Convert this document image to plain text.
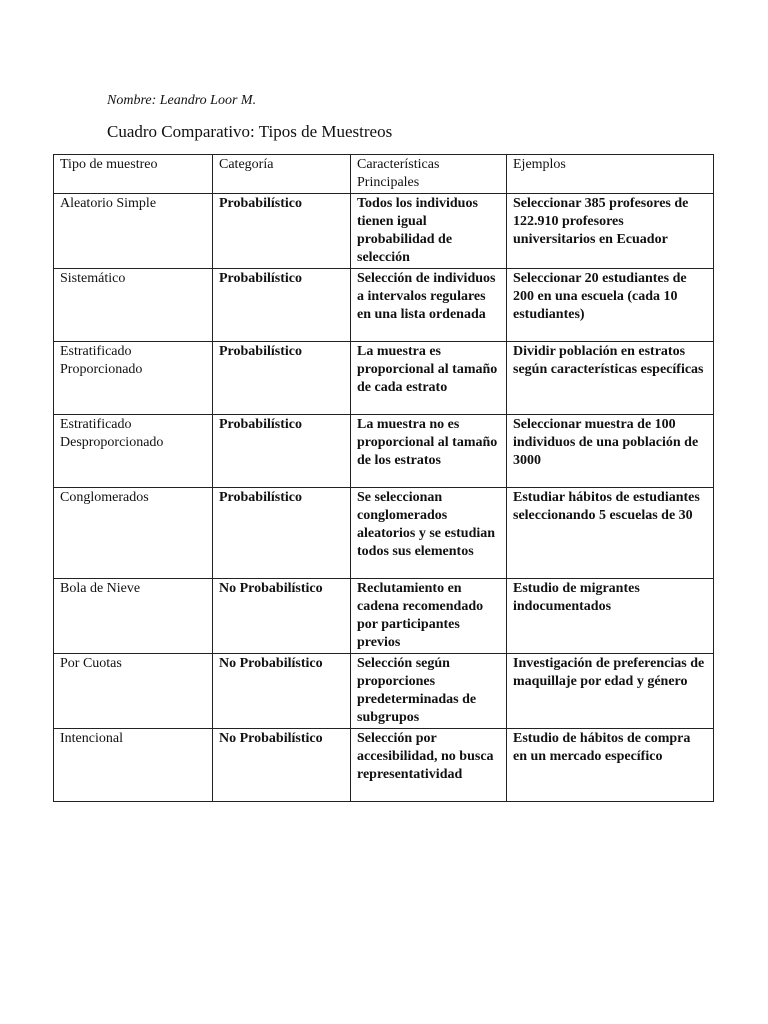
Nombre: Leandro Loor M.

Cuadro Comparativo: Tipos de Muestreos
Tipo de muestreo	Categoría	Características Principales	Ejemplos
Aleatorio Simple	Probabilístico	Todos los individuos tienen igual probabilidad de selección	Seleccionar 385 profesores de 122.910 profesores universitarios en Ecuador
Sistemático	Probabilístico	Selección de individuos a intervalos regulares en una lista ordenada	Seleccionar 20 estudiantes de 200 en una escuela (cada 10 estudiantes)
Estratificado Proporcionado	Probabilístico	La muestra es proporcional al tamaño de cada estrato	Dividir población en estratos según características específicas
Estratificado Desproporcionado	Probabilístico	La muestra no es proporcional al tamaño de los estratos	Seleccionar muestra de 100 individuos de una población de 3000
Conglomerados	Probabilístico	Se seleccionan conglomerados aleatorios y se estudian todos sus elementos	Estudiar hábitos de estudiantes seleccionando 5 escuelas de 30
Bola de Nieve	No Probabilístico	Reclutamiento en cadena recomendado por participantes previos	Estudio de migrantes indocumentados
Por Cuotas	No Probabilístico	Selección según proporciones predeterminadas de subgrupos	Investigación de preferencias de maquillaje por edad y género
Intencional	No Probabilístico	Selección por accesibilidad, no busca representatividad	Estudio de hábitos de compra en un mercado específico
